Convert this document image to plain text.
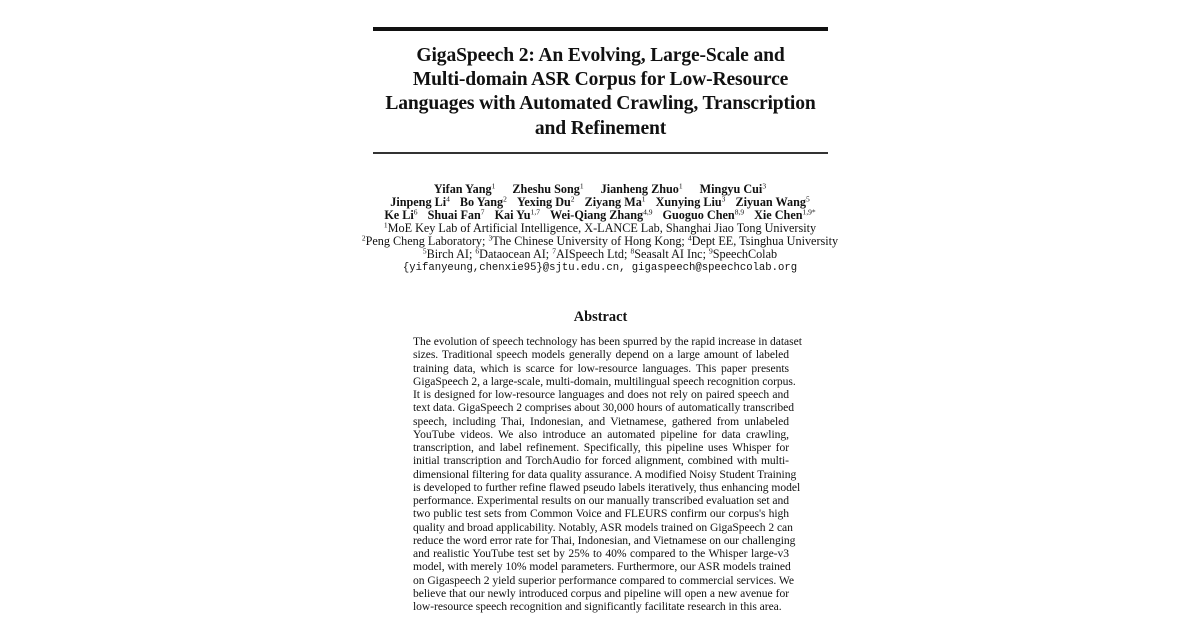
GigaSpeech 2: An Evolving, Large-Scale and
Multi-domain ASR Corpus for Low-Resource
Languages with Automated Crawling, Transcription
and Refinement
Yifan Yang$^1$ Zheshu Song$^1$ Jianheng Zhuo$^1$ Mingyu Cui$^3$
Jinpeng Li$^4$ Bo Yang$^2$ Yexing Du$^2$ Ziyang Ma$^1$ Xunying Liu$^3$ Ziyuan Wang$^5$
Ke Li$^6$ Shuai Fan$^7$ Kai Yu$^{1,7}$ Wei-Qiang Zhang$^{4,9}$ Guoguo Chen$^{8,9}$ Xie Chen$^{1,9*}$
$^1$MoE Key Lab of Artificial Intelligence, X-LANCE Lab, Shanghai Jiao Tong University
$^2$Peng Cheng Laboratory; $^3$The Chinese University of Hong Kong; $^4$Dept EE, Tsinghua University
$^5$Birch AI; $^6$Dataocean AI; $^7$AISpeech Ltd; $^8$Seasalt AI Inc; $^9$SpeechColab
{yifanyeung,chenxie95}@sjtu.edu.cn, gigaspeech@speechcolab.org
Abstract

The evolution of speech technology has been spurred by the rapid increase in dataset
sizes. Traditional speech models generally depend on a large amount of labeled
training data, which is scarce for low-resource languages. This paper presents
GigaSpeech 2, a large-scale, multi-domain, multilingual speech recognition corpus.
It is designed for low-resource languages and does not rely on paired speech and
text data. GigaSpeech 2 comprises about 30,000 hours of automatically transcribed
speech, including Thai, Indonesian, and Vietnamese, gathered from unlabeled
YouTube videos. We also introduce an automated pipeline for data crawling,
transcription, and label refinement. Specifically, this pipeline uses Whisper for
initial transcription and TorchAudio for forced alignment, combined with multi-
dimensional filtering for data quality assurance. A modified Noisy Student Training
is developed to further refine flawed pseudo labels iteratively, thus enhancing model
performance. Experimental results on our manually transcribed evaluation set and
two public test sets from Common Voice and FLEURS confirm our corpus's high
quality and broad applicability. Notably, ASR models trained on GigaSpeech 2 can
reduce the word error rate for Thai, Indonesian, and Vietnamese on our challenging
and realistic YouTube test set by 25% to 40% compared to the Whisper large-v3
model, with merely 10% model parameters. Furthermore, our ASR models trained
on Gigaspeech 2 yield superior performance compared to commercial services. We
believe that our newly introduced corpus and pipeline will open a new avenue for
low-resource speech recognition and significantly facilitate research in this area.
